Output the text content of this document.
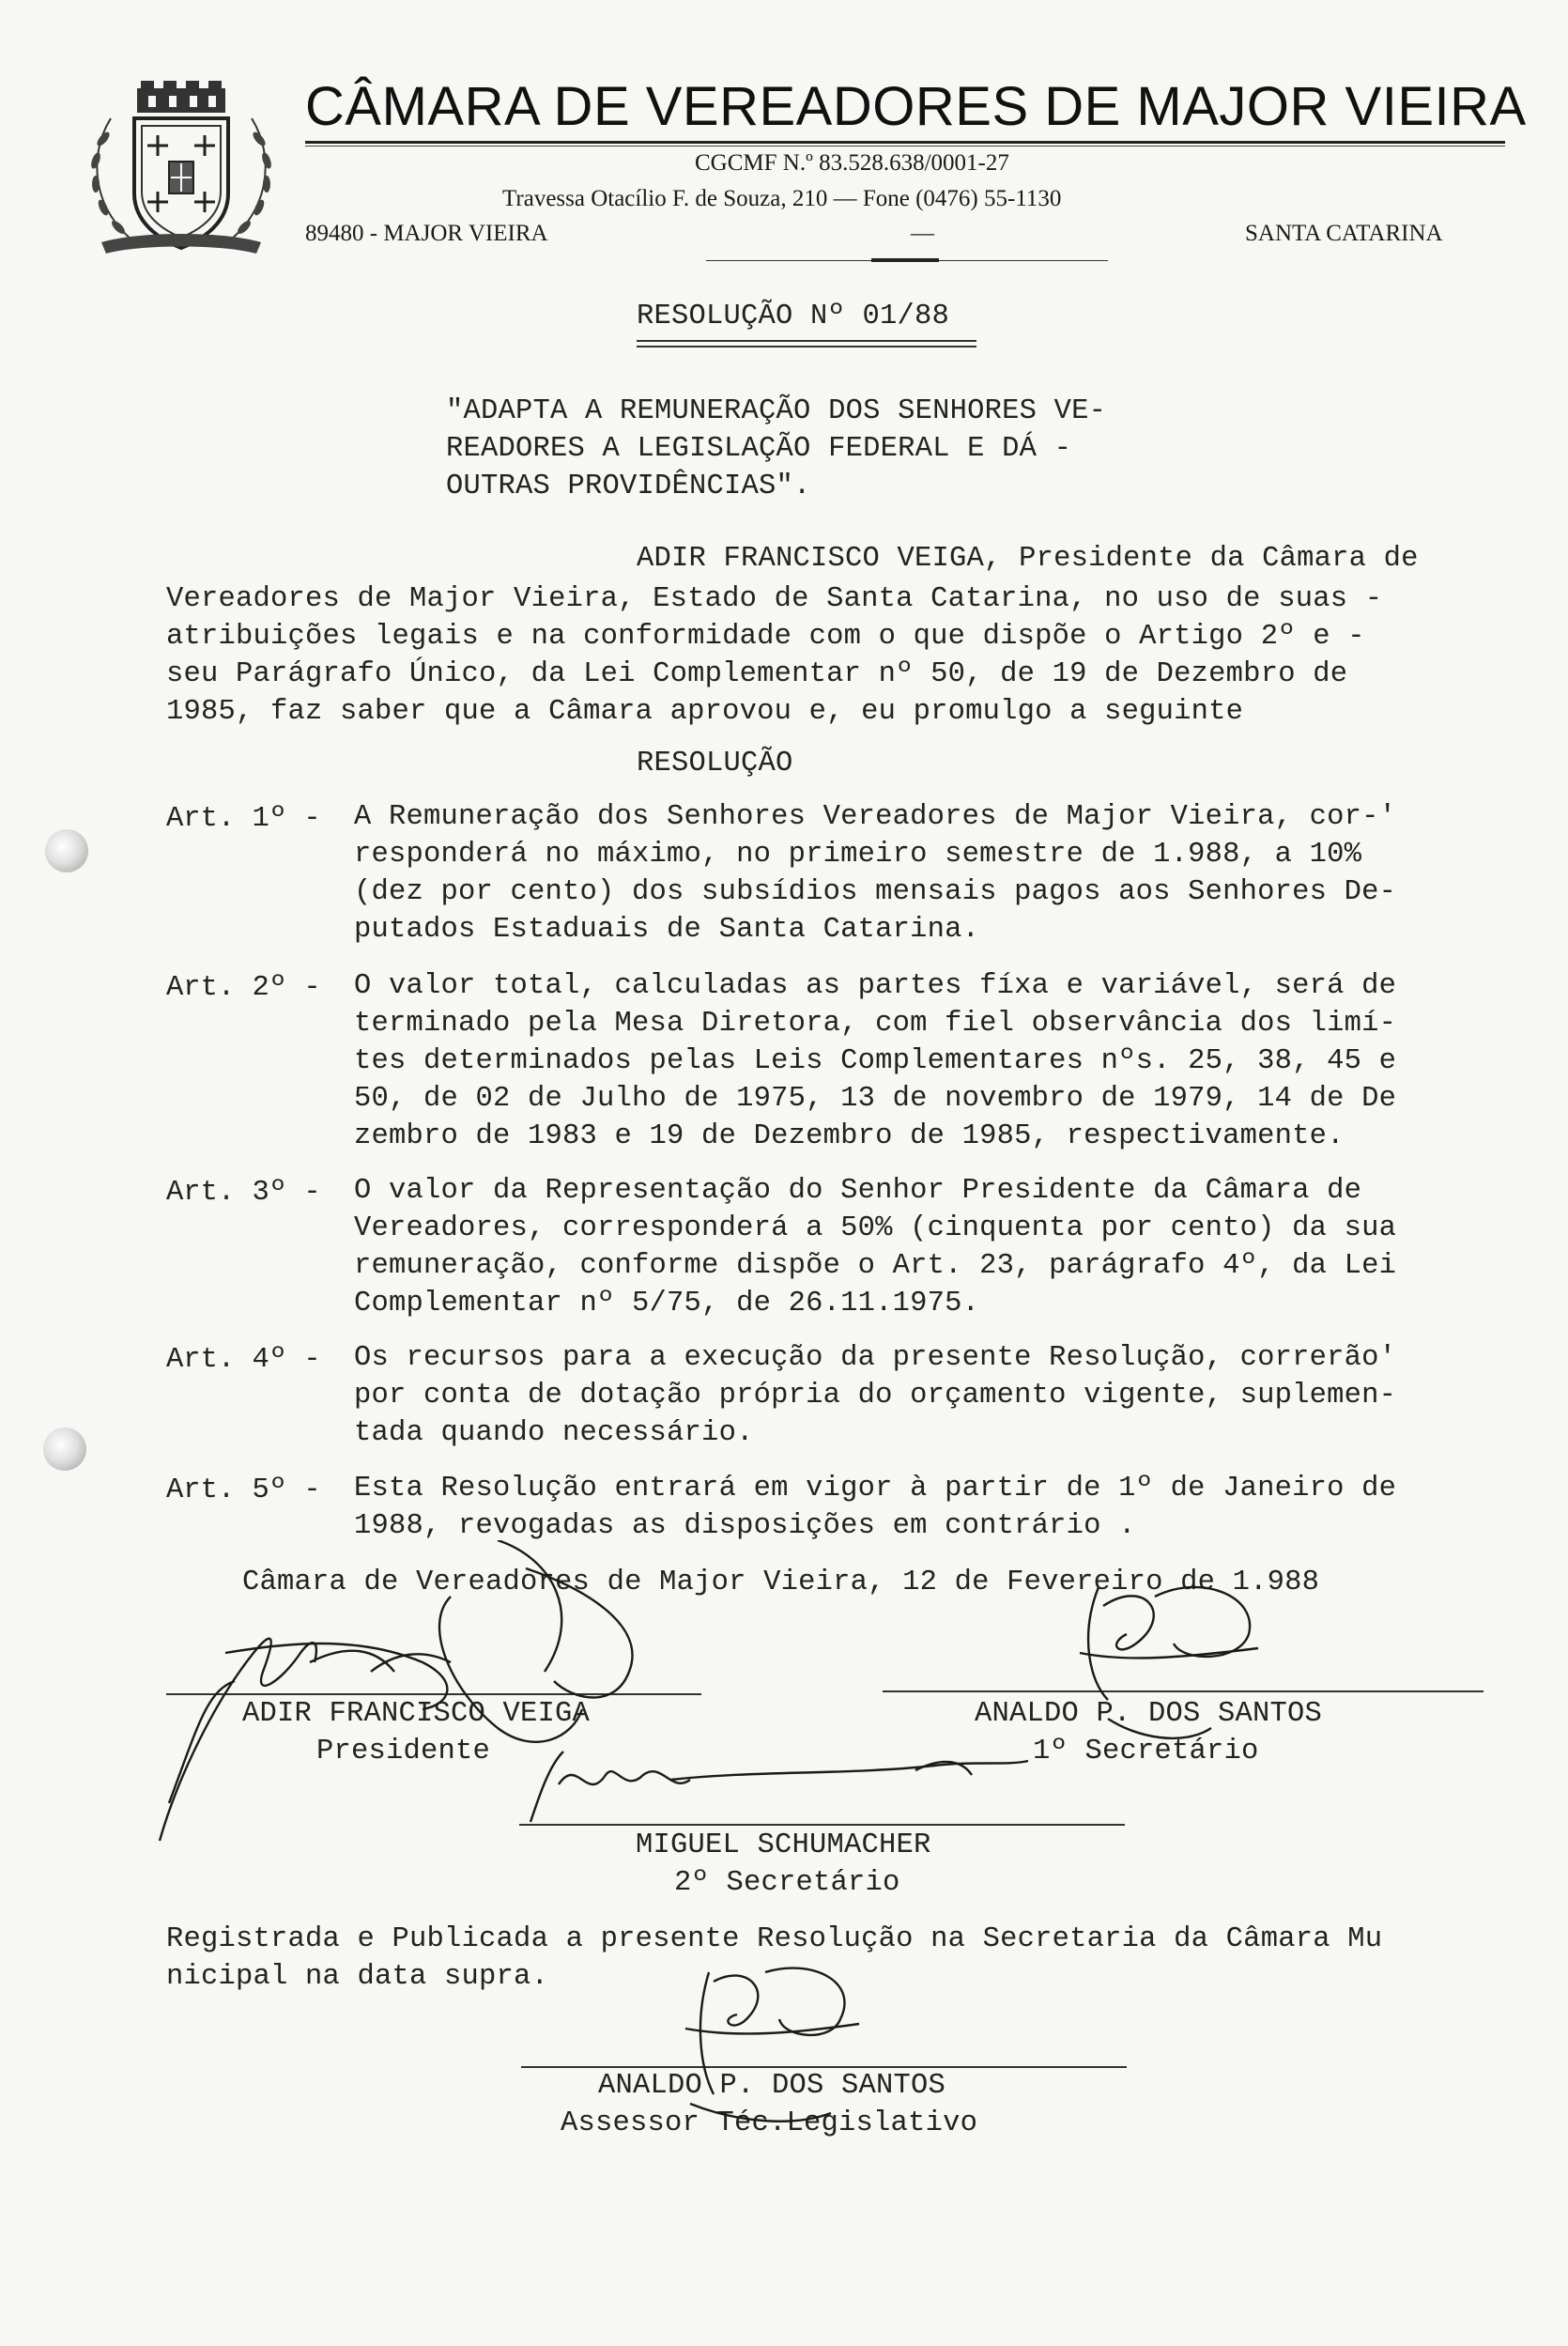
CÂMARA DE VEREADORES DE MAJOR VIEIRA
CGCMF N.º 83.528.638/0001-27
Travessa Otacílio F. de Souza, 210 — Fone (0476) 55-1130
89480 - MAJOR VIEIRA	—	SANTA CATARINA
RESOLUÇÃO Nº 01/88
"ADAPTA A REMUNERAÇÃO DOS SENHORES VE-
READORES A LEGISLAÇÃO FEDERAL E DÁ -
OUTRAS PROVIDÊNCIAS".
ADIR FRANCISCO VEIGA, Presidente da Câmara de
Vereadores de Major Vieira, Estado de Santa Catarina, no uso de suas -
atribuições legais e na conformidade com o que dispõe o Artigo 2º e -
seu Parágrafo Único, da Lei Complementar nº 50, de 19 de Dezembro de
1985, faz saber que a Câmara aprovou e, eu promulgo a seguinte
RESOLUÇÃO
Art. 1º - A Remuneração dos Senhores Vereadores de Major Vieira, cor-'
responderá no máximo, no primeiro semestre de 1.988, a 10%
(dez por cento) dos subsídios mensais pagos aos Senhores De-
putados Estaduais de Santa Catarina.
Art. 2º - O valor total, calculadas as partes fíxa e variável, será de
terminado pela Mesa Diretora, com fiel observância dos limí-
tes determinados pelas Leis Complementares nºs. 25, 38, 45 e
50, de 02 de Julho de 1975, 13 de novembro de 1979, 14 de De
zembro de 1983 e 19 de Dezembro de 1985, respectivamente.
Art. 3º - O valor da Representação do Senhor Presidente da Câmara de
Vereadores, corresponderá a 50% (cinquenta por cento) da sua
remuneração, conforme dispõe o Art. 23, parágrafo 4º, da Lei
Complementar nº 5/75, de 26.11.1975.
Art. 4º - Os recursos para a execução da presente Resolução, correrão'
por conta de dotação própria do orçamento vigente, suplemen-
tada quando necessário.
Art. 5º - Esta Resolução entrará em vigor à partir de 1º de Janeiro de
1988, revogadas as disposições em contrário .
Câmara de Vereadores de Major Vieira, 12 de Fevereiro de 1.988
ADIR FRANCISCO VEIGA
Presidente
ANALDO P. DOS SANTOS
1º Secretário
MIGUEL SCHUMACHER
2º Secretário
Registrada e Publicada a presente Resolução na Secretaria da Câmara Mu
nicipal na data supra.
ANALDO P. DOS SANTOS
Assessor Téc.Legislativo
